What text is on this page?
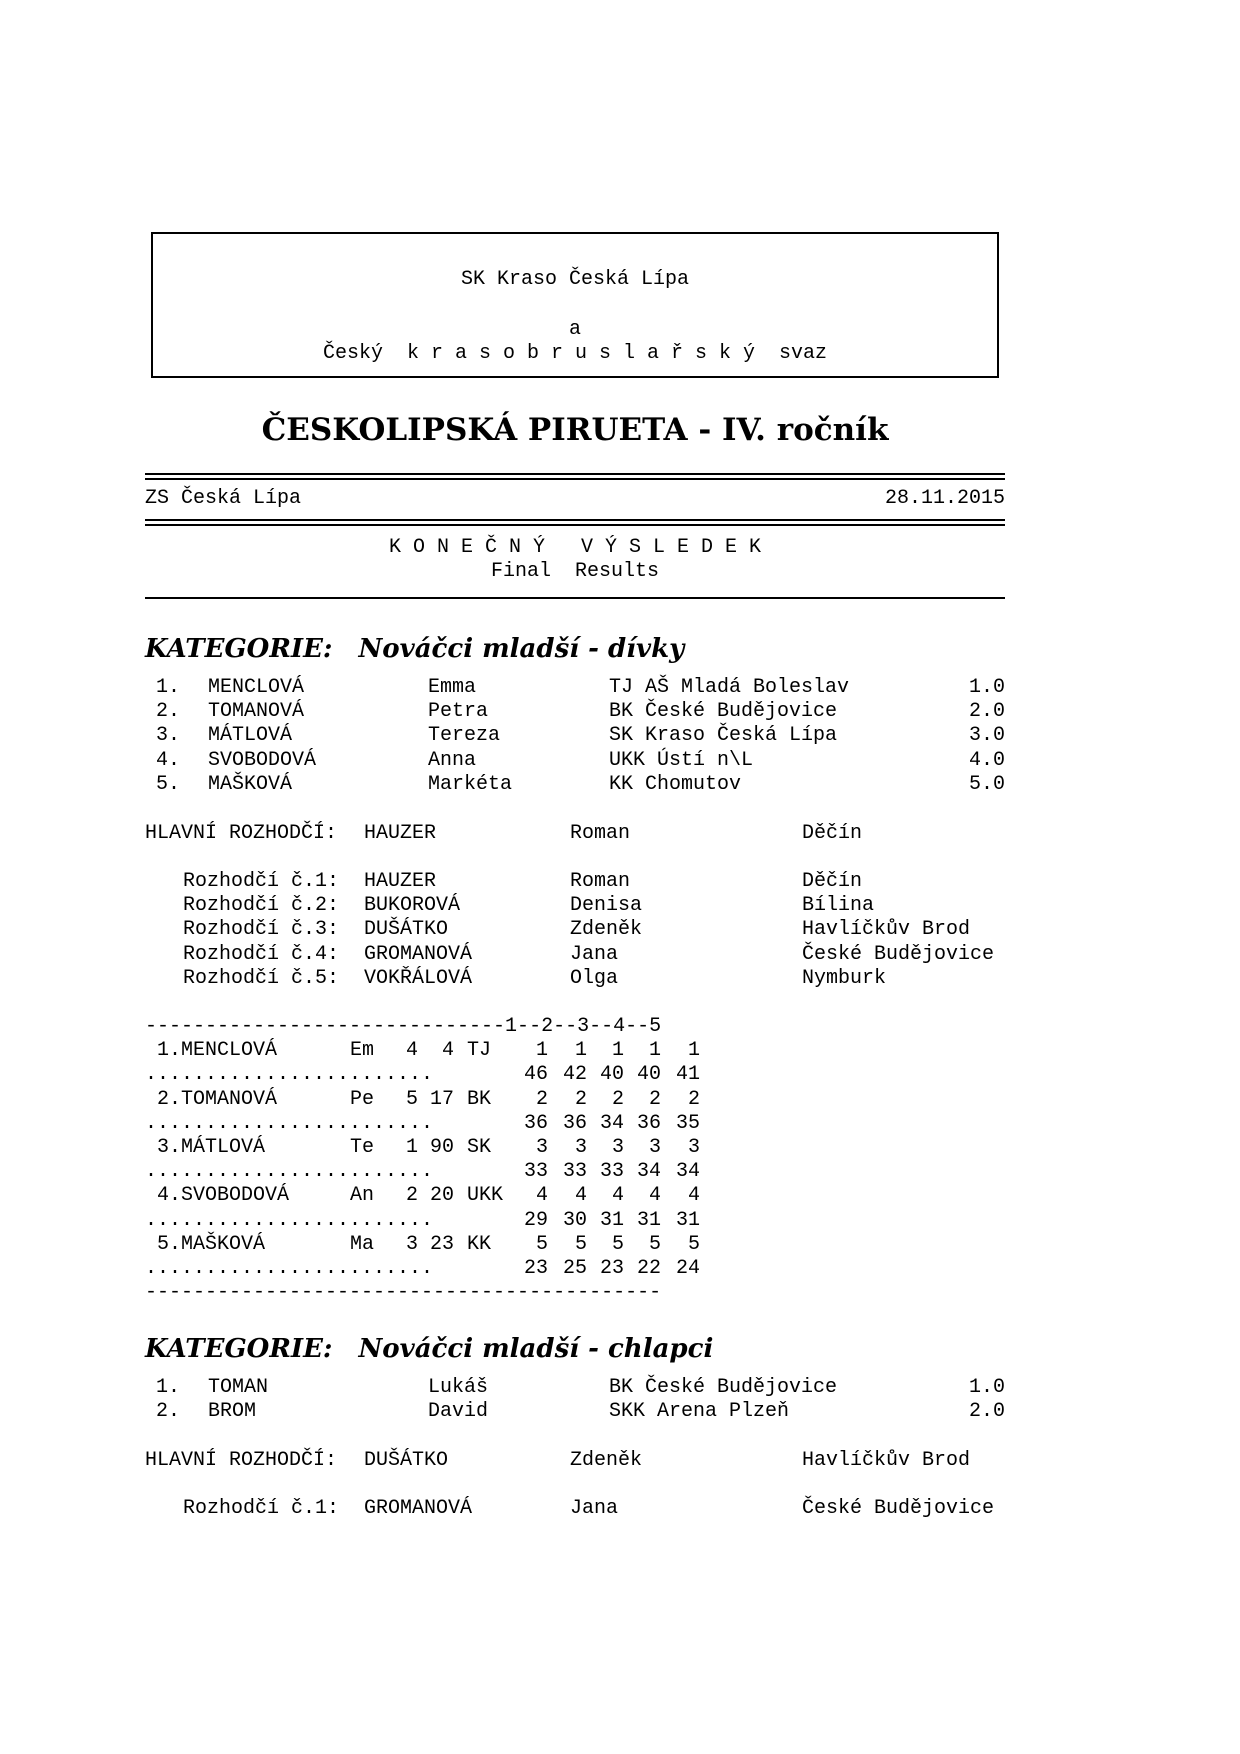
SK Kraso Česká Lípa
a
Český  k r a s o b r u s l a ř s k ý  svaz
ČESKOLIPSKÁ PIRUETA - IV. ročník
ZS Česká Lípa	28.11.2015
K O N E Č N Ý   V Ý S L E D E K
Final  Results
KATEGORIE: Nováčci mladší - dívky
1. MENCLOVÁ	Emma	TJ AŠ Mladá Boleslav	1.0
2. TOMANOVÁ	Petra	BK České Budějovice	2.0
3. MÁTLOVÁ	Tereza	SK Kraso Česká Lípa	3.0
4. SVOBODOVÁ	Anna	UKK Ústí n\L	4.0
5. MAŠKOVÁ	Markéta	KK Chomutov	5.0
HLAVNÍ ROZHODČÍ: HAUZER	Roman	Děčín
Rozhodčí č.1: HAUZER	Roman	Děčín
Rozhodčí č.2: BUKOROVÁ	Denisa	Bílina
Rozhodčí č.3: DUŠÁTKO	Zdeněk	Havlíčkův Brod
Rozhodčí č.4: GROMANOVÁ	Jana	České Budějovice
Rozhodčí č.5: VOKŘÁLOVÁ	Olga	Nymburk
------------------------------1--2--3--4--5
1.MENCLOVÁ	Em	4	4 TJ	1	1	1	1	1
........................	46 42 40 40 41
2.TOMANOVÁ	Pe	5 17 BK	2	2	2	2	2
........................	36 36 34 36 35
3.MÁTLOVÁ	Te	1 90 SK	3	3	3	3	3
........................	33 33 33 34 34
4.SVOBODOVÁ	An	2 20 UKK	4	4	4	4	4
........................	29 30 31 31 31
5.MAŠKOVÁ	Ma	3 23 KK	5	5	5	5	5
........................	23 25 23 22 24
-------------------------------------------
KATEGORIE: Nováčci mladší - chlapci
1. TOMAN	Lukáš	BK České Budějovice	1.0
2. BROM	David	SKK Arena Plzeň	2.0
HLAVNÍ ROZHODČÍ: DUŠÁTKO	Zdeněk	Havlíčkův Brod
Rozhodčí č.1: GROMANOVÁ	Jana	České Budějovice
